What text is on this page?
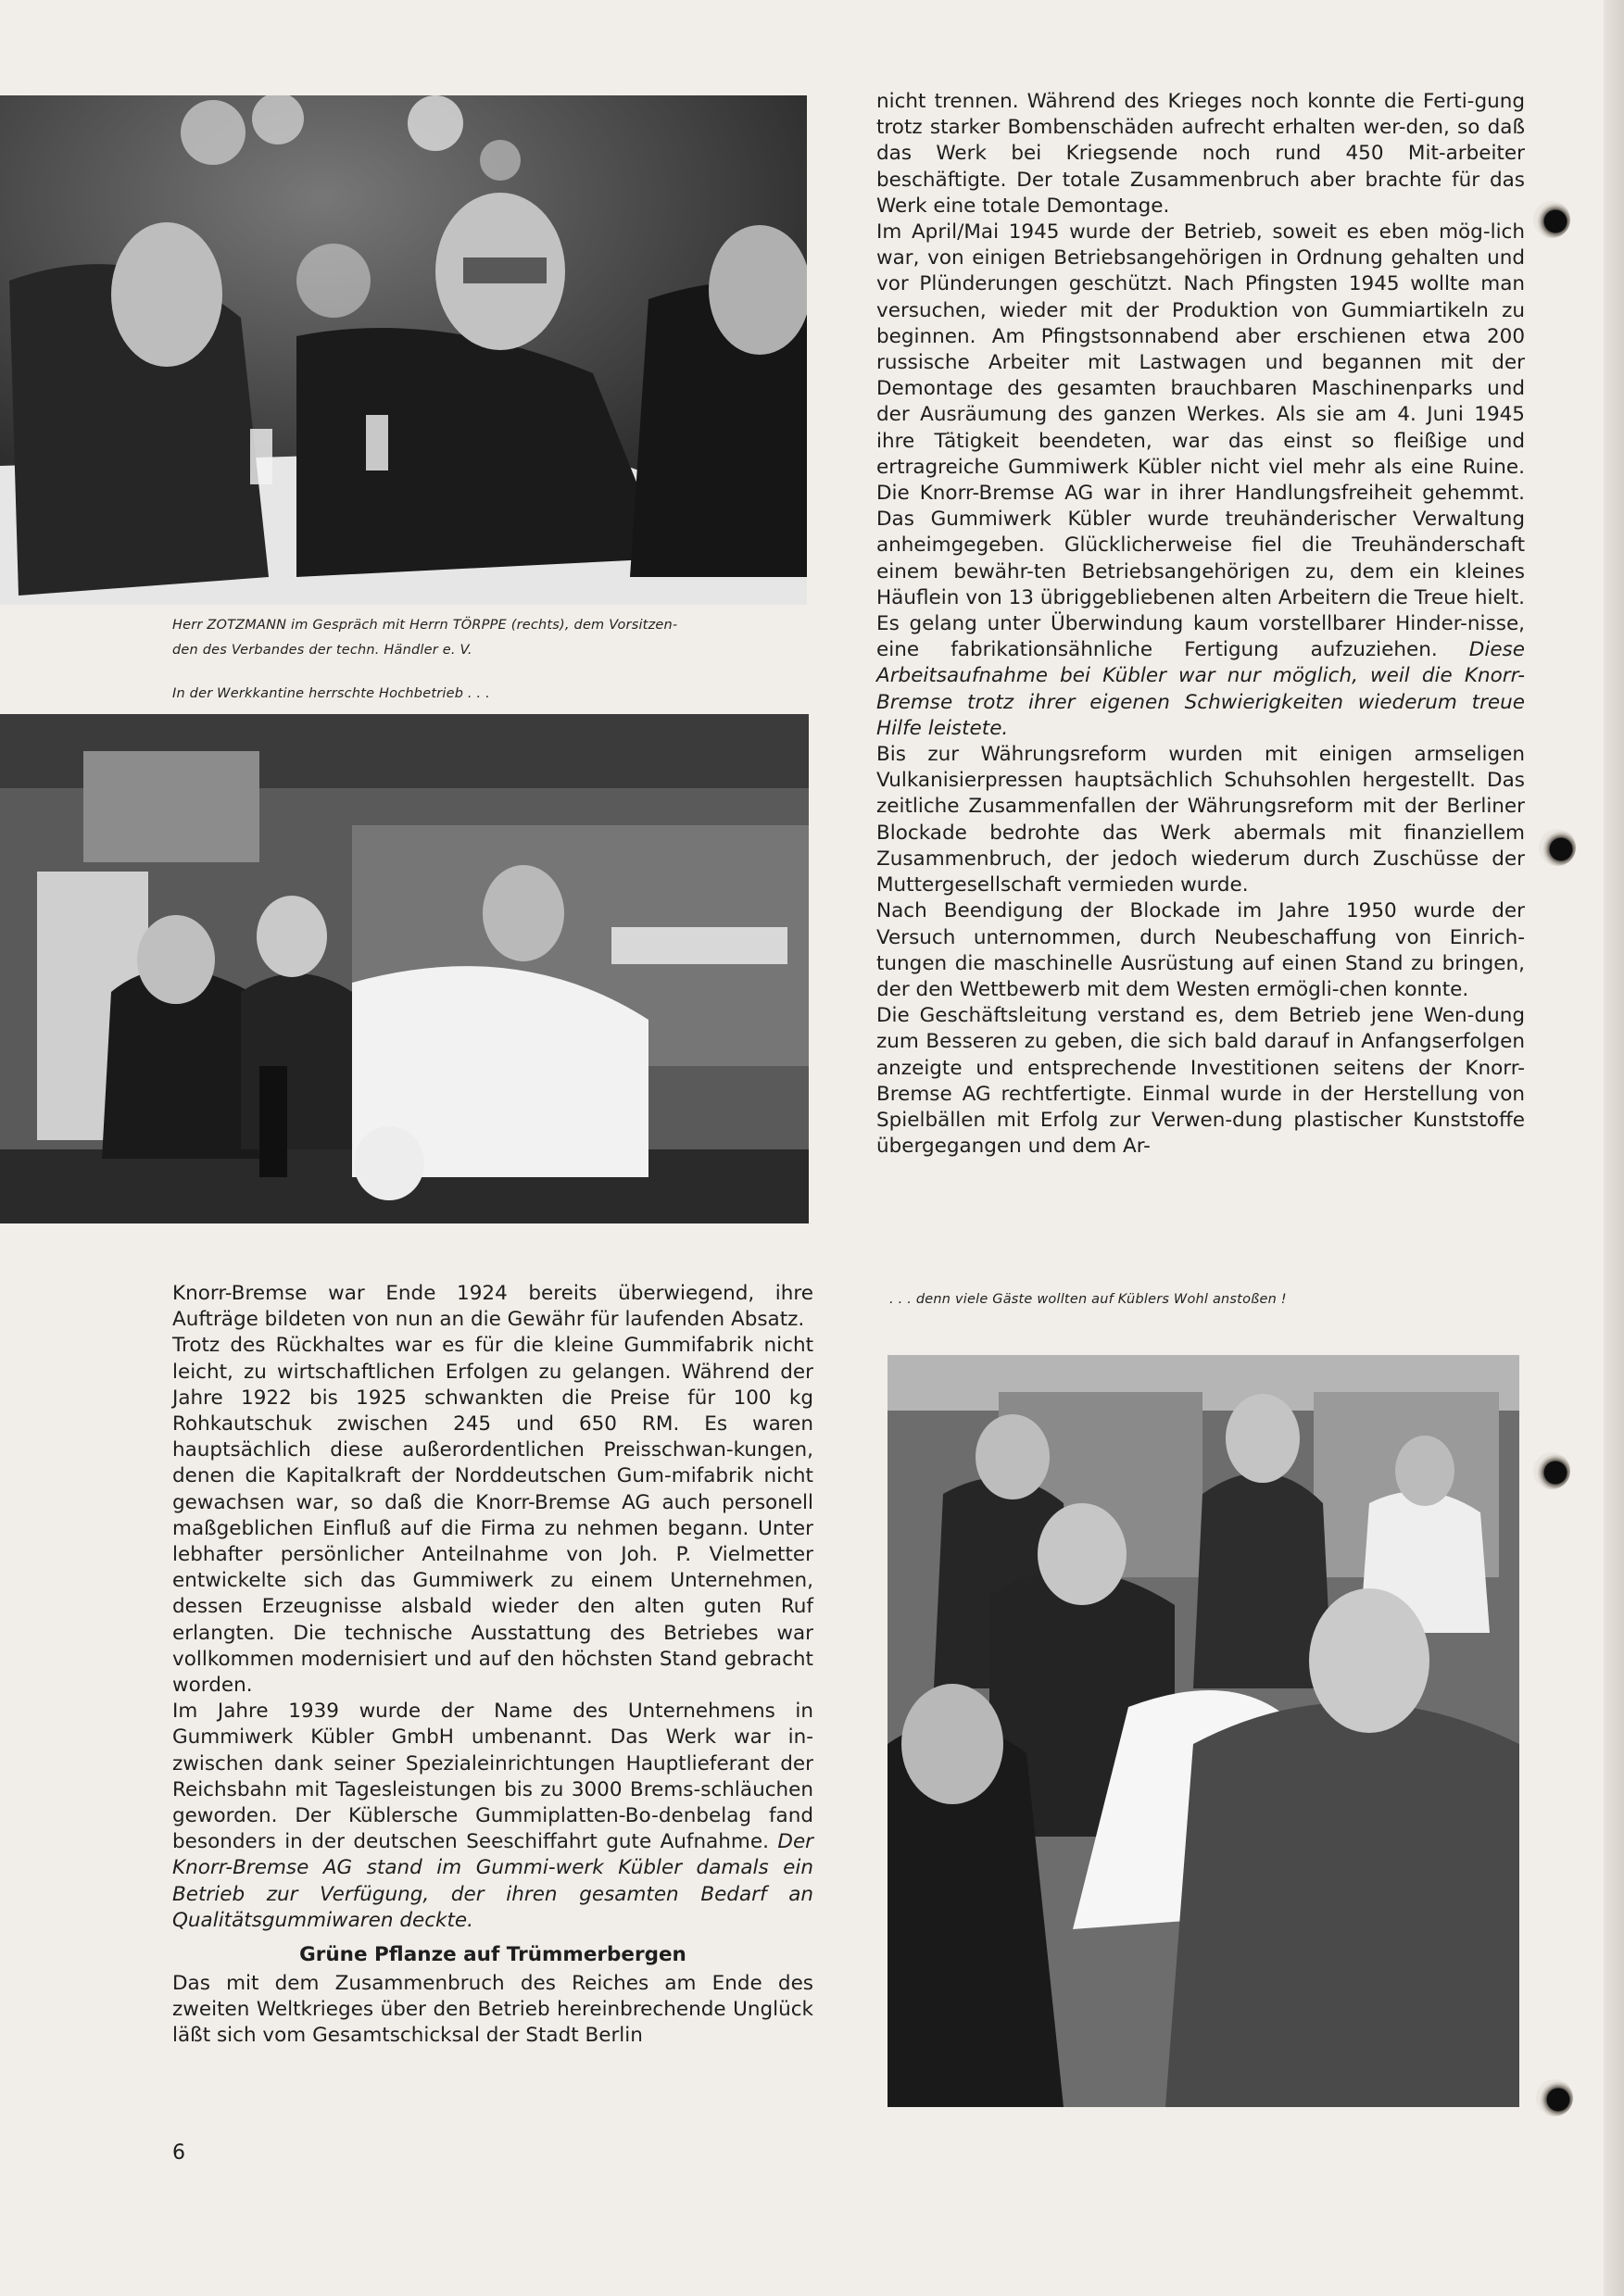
Herr ZOTZMANN im Gespräch mit Herrn TÖRPPE (rechts), dem Vorsitzen-
den des Verbandes der techn. Händler e. V.

In der Werkkantine herrschte Hochbetrieb . . .

nicht trennen. Während des Krieges noch konnte die Ferti-gung trotz starker Bombenschäden aufrecht erhalten wer-den, so daß das Werk bei Kriegsende noch rund 450 Mit-arbeiter beschäftigte. Der totale Zusammenbruch aber brachte für das Werk eine totale Demontage.

Im April/Mai 1945 wurde der Betrieb, soweit es eben mög-lich war, von einigen Betriebsangehörigen in Ordnung gehalten und vor Plünderungen geschützt. Nach Pfingsten 1945 wollte man versuchen, wieder mit der Produktion von Gummiartikeln zu beginnen. Am Pfingstsonnabend aber erschienen etwa 200 russische Arbeiter mit Lastwagen und begannen mit der Demontage des gesamten brauchbaren Maschinenparks und der Ausräumung des ganzen Werkes. Als sie am 4. Juni 1945 ihre Tätigkeit beendeten, war das einst so fleißige und ertragreiche Gummiwerk Kübler nicht viel mehr als eine Ruine. Die Knorr-Bremse AG war in ihrer Handlungsfreiheit gehemmt. Das Gummiwerk Kübler wurde treuhänderischer Verwaltung anheimgegeben. Glücklicherweise fiel die Treuhänderschaft einem bewähr-ten Betriebsangehörigen zu, dem ein kleines Häuflein von 13 übriggebliebenen alten Arbeitern die Treue hielt. Es gelang unter Überwindung kaum vorstellbarer Hinder-nisse, eine fabrikationsähnliche Fertigung aufzuziehen. Diese Arbeitsaufnahme bei Kübler war nur möglich, weil die Knorr-Bremse trotz ihrer eigenen Schwierigkeiten wiederum treue Hilfe leistete.

Bis zur Währungsreform wurden mit einigen armseligen Vulkanisierpressen hauptsächlich Schuhsohlen hergestellt. Das zeitliche Zusammenfallen der Währungsreform mit der Berliner Blockade bedrohte das Werk abermals mit finanziellem Zusammenbruch, der jedoch wiederum durch Zuschüsse der Muttergesellschaft vermieden wurde.

Nach Beendigung der Blockade im Jahre 1950 wurde der Versuch unternommen, durch Neubeschaffung von Einrich-tungen die maschinelle Ausrüstung auf einen Stand zu bringen, der den Wettbewerb mit dem Westen ermögli-chen konnte.

Die Geschäftsleitung verstand es, dem Betrieb jene Wen-dung zum Besseren zu geben, die sich bald darauf in Anfangserfolgen anzeigte und entsprechende Investitionen seitens der Knorr-Bremse AG rechtfertigte. Einmal wurde in der Herstellung von Spielbällen mit Erfolg zur Verwen-dung plastischer Kunststoffe übergegangen und dem Ar-

. . . denn viele Gäste wollten auf Küblers Wohl anstoßen !

Knorr-Bremse war Ende 1924 bereits überwiegend, ihre Aufträge bildeten von nun an die Gewähr für laufenden Absatz.

Trotz des Rückhaltes war es für die kleine Gummifabrik nicht leicht, zu wirtschaftlichen Erfolgen zu gelangen. Während der Jahre 1922 bis 1925 schwankten die Preise für 100 kg Rohkautschuk zwischen 245 und 650 RM. Es waren hauptsächlich diese außerordentlichen Preisschwan-kungen, denen die Kapitalkraft der Norddeutschen Gum-mifabrik nicht gewachsen war, so daß die Knorr-Bremse AG auch personell maßgeblichen Einfluß auf die Firma zu nehmen begann. Unter lebhafter persönlicher Anteilnahme von Joh. P. Vielmetter entwickelte sich das Gummiwerk zu einem Unternehmen, dessen Erzeugnisse alsbald wieder den alten guten Ruf erlangten. Die technische Ausstattung des Betriebes war vollkommen modernisiert und auf den höchsten Stand gebracht worden.

Im Jahre 1939 wurde der Name des Unternehmens in Gummiwerk Kübler GmbH umbenannt. Das Werk war in-zwischen dank seiner Spezialeinrichtungen Hauptlieferant der Reichsbahn mit Tagesleistungen bis zu 3000 Brems-schläuchen geworden. Der Küblersche Gummiplatten-Bo-denbelag fand besonders in der deutschen Seeschiffahrt gute Aufnahme. Der Knorr-Bremse AG stand im Gummi-werk Kübler damals ein Betrieb zur Verfügung, der ihren gesamten Bedarf an Qualitätsgummiwaren deckte.

Grüne Pflanze auf Trümmerbergen

Das mit dem Zusammenbruch des Reiches am Ende des zweiten Weltkrieges über den Betrieb hereinbrechende Unglück läßt sich vom Gesamtschicksal der Stadt Berlin

6
